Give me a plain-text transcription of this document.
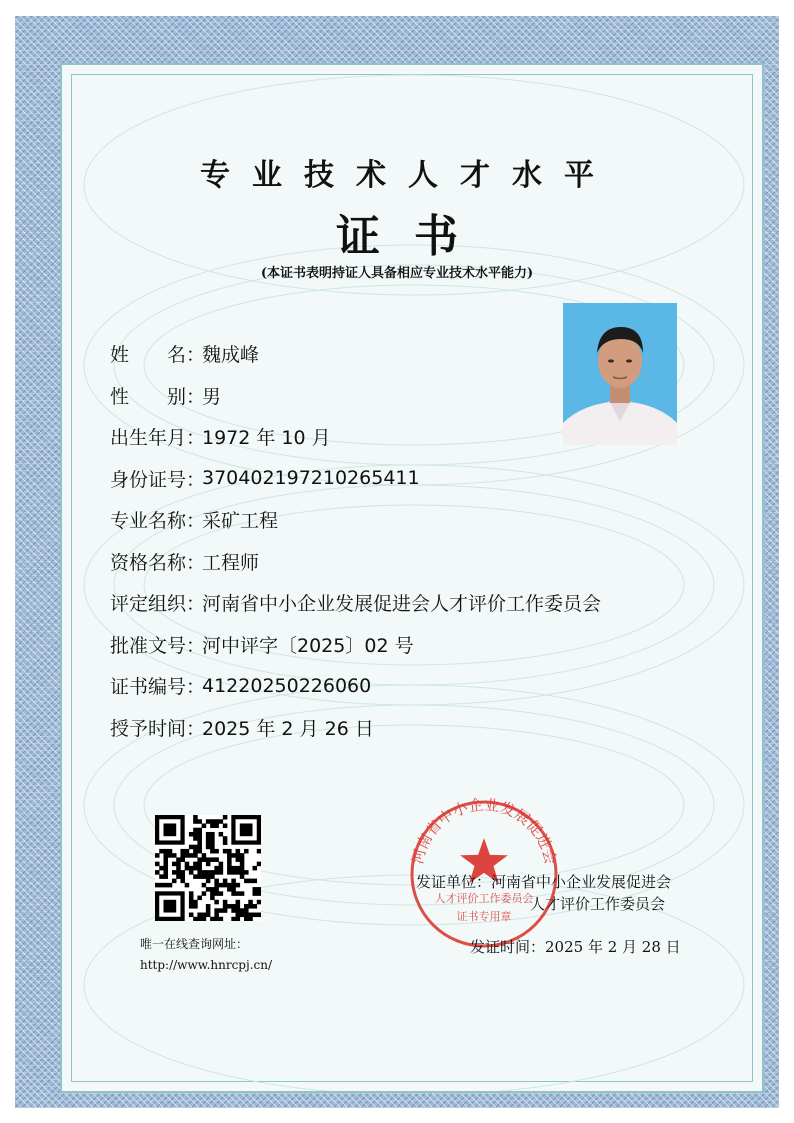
专业技术人才水平
证书
(本证书表明持证人具备相应专业技术水平能力)
姓　　名：
魏成峰
性　　别：
男
出生年月：
1972 年 10 月
身份证号：
370402197210265411
专业名称：
采矿工程
资格名称：
工程师
评定组织：
河南省中小企业发展促进会人才评价工作委员会
批准文号：
河中评字〔2025〕02 号
证书编号：
41220250226060
授予时间：
2025 年 2 月 26 日
唯一在线查询网址：
http://www.hnrcpj.cn/
河南省中小企业发展促进会
人才评价工作委员会
证书专用章
发证单位：河南省中小企业发展促进会
人才评价工作委员会
发证时间：2025 年 2 月 28 日
